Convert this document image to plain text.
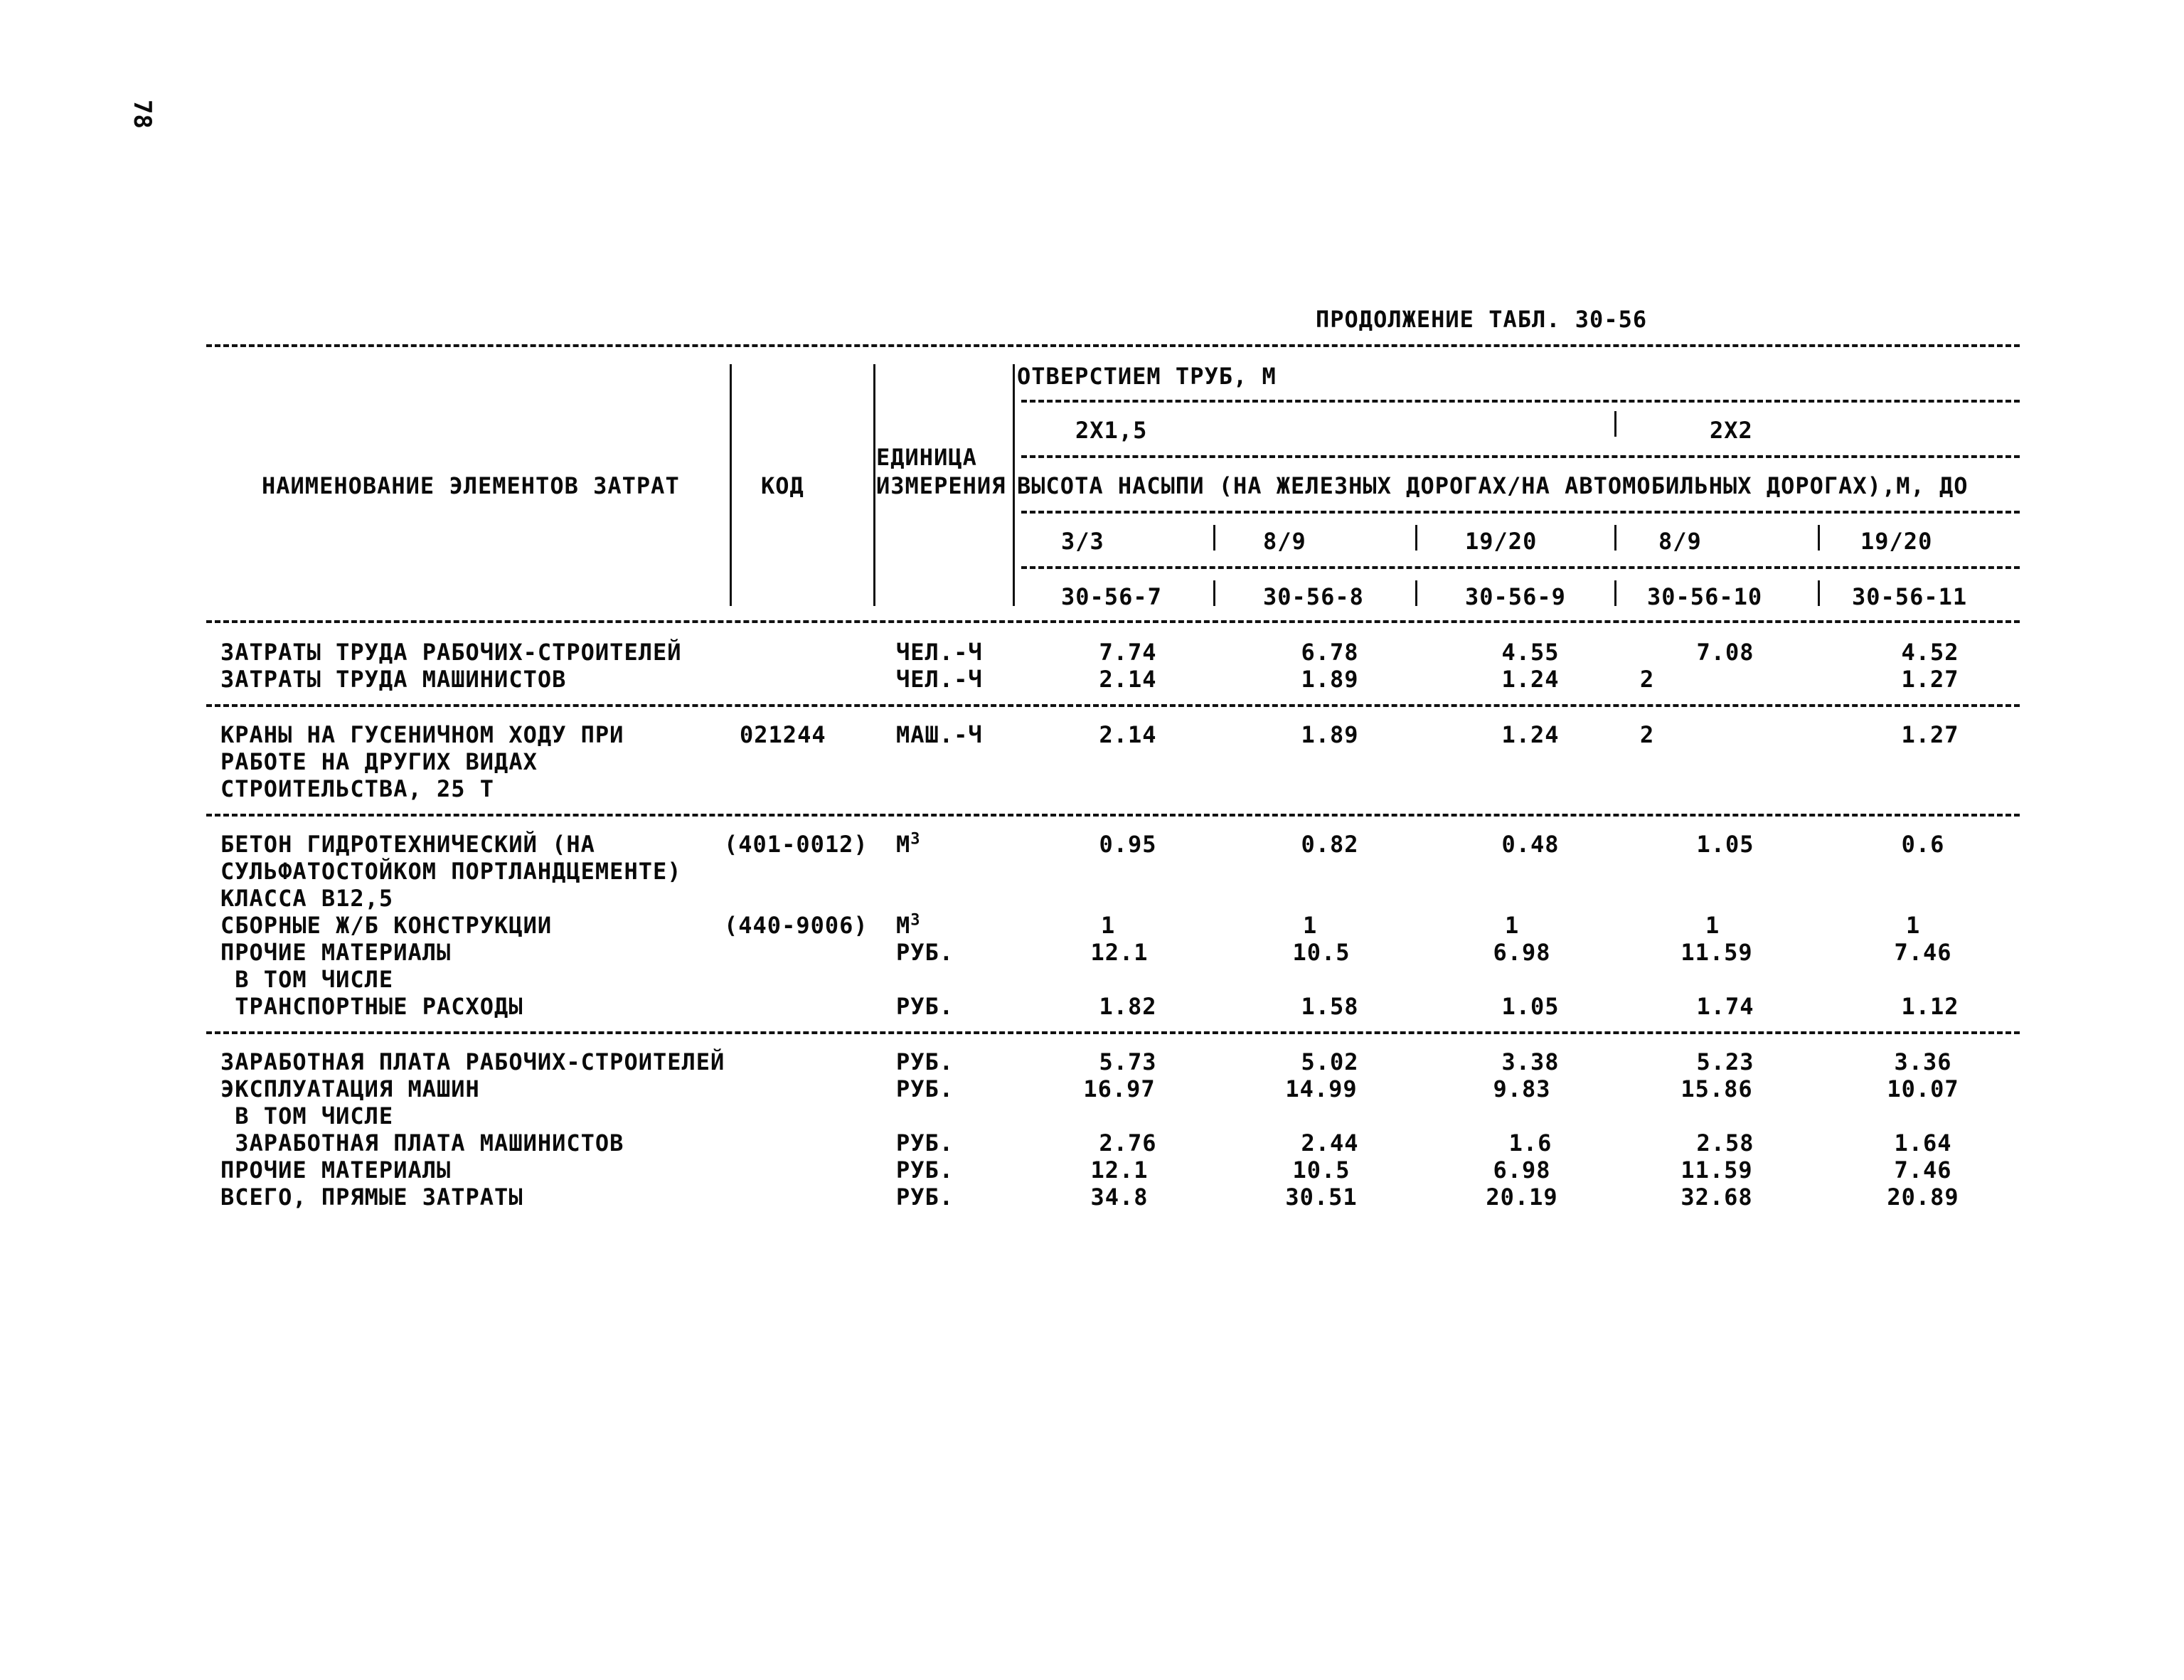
78
ПРОДОЛЖЕНИЕ ТАБЛ. 30-56
НАИМЕНОВАНИЕ ЭЛЕМЕНТОВ ЗАТРАТ	КОД
ЕДИНИЦА
ИЗМЕРЕНИЯ
ОТВЕРСТИЕМ ТРУБ, М
2Х1,5	2Х2
ВЫСОТА НАСЫПИ (НА ЖЕЛЕЗНЫХ ДОРОГАХ/НА АВТОМОБИЛЬНЫХ ДОРОГАХ),М, ДО
3/3	8/9	19/20	8/9	19/20
30-56-7	30-56-8	30-56-9	30-56-10	30-56-11
ЗАТРАТЫ ТРУДА РАБОЧИХ-СТРОИТЕЛЕЙ	ЧЕЛ.-Ч	7.74	6.78	4.55	7.08	4.52
ЗАТРАТЫ ТРУДА МАШИНИСТОВ	ЧЕЛ.-Ч	2.14	1.89	1.24	2	1.27
КРАНЫ НА ГУСЕНИЧНОМ ХОДУ ПРИ
РАБОТЕ НА ДРУГИХ ВИДАХ
СТРОИТЕЛЬСТВА, 25 Т
021244	МАШ.-Ч	2.14	1.89	1.24	2	1.27
БЕТОН ГИДРОТЕХНИЧЕСКИЙ (НА
СУЛЬФАТОСТОЙКОМ ПОРТЛАНДЦЕМЕНТЕ)
КЛАССА В12,5
(401-0012) $М^3$	0.95	0.82	0.48	1.05	0.6
СБОРНЫЕ Ж/Б КОНСТРУКЦИИ	(440-9006) $М^3$	1	1	1	1	1
ПРОЧИЕ МАТЕРИАЛЫ	РУБ.	12.1	10.5	6.98	11.59	7.46
В ТОМ ЧИСЛЕ
ТРАНСПОРТНЫЕ РАСХОДЫ	РУБ.	1.82	1.58	1.05	1.74	1.12
ЗАРАБОТНАЯ ПЛАТА РАБОЧИХ-СТРОИТЕЛЕЙ	РУБ.	5.73	5.02	3.38	5.23	3.36
ЭКСПЛУАТАЦИЯ МАШИН	РУБ.	16.97	14.99	9.83	15.86	10.07
В ТОМ ЧИСЛЕ
ЗАРАБОТНАЯ ПЛАТА МАШИНИСТОВ	РУБ.	2.76	2.44	1.6	2.58	1.64
ПРОЧИЕ МАТЕРИАЛЫ	РУБ.	12.1	10.5	6.98	11.59	7.46
ВСЕГО, ПРЯМЫЕ ЗАТРАТЫ	РУБ.	34.8	30.51	20.19	32.68	20.89
